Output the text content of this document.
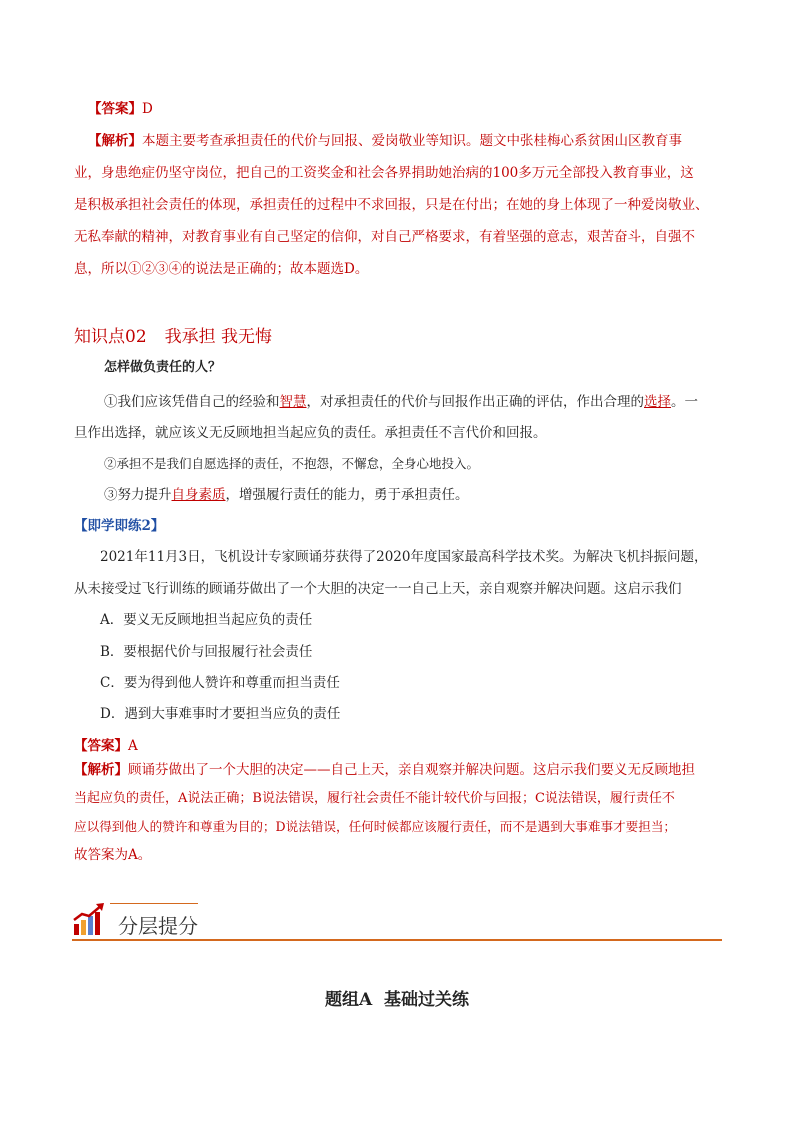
【答案】D
【解析】本题主要考查承担责任的代价与回报、爱岗敬业等知识。题文中张桂梅心系贫困山区教育事
业，身患绝症仍坚守岗位，把自己的工资奖金和社会各界捐助她治病的100多万元全部投入教育事业，这
是积极承担社会责任的体现，承担责任的过程中不求回报，只是在付出；在她的身上体现了一种爱岗敬业、
无私奉献的精神，对教育事业有自己坚定的信仰，对自己严格要求，有着坚强的意志，艰苦奋斗，自强不
息，所以①②③④的说法是正确的；故本题选D。
知识点02 我承担 我无悔
怎样做负责任的人？
①我们应该凭借自己的经验和智慧，对承担责任的代价与回报作出正确的评估，作出合理的选择。一
旦作出选择，就应该义无反顾地担当起应负的责任。承担责任不言代价和回报。
②承担不是我们自愿选择的责任，不抱怨，不懈怠，全身心地投入。
③努力提升自身素质，增强履行责任的能力，勇于承担责任。
【即学即练2】
2021年11月3日，飞机设计专家顾诵芬获得了2020年度国家最高科学技术奖。为解决飞机抖振问题，
从未接受过飞行训练的顾诵芬做出了一个大胆的决定一一自己上天，亲自观察并解决问题。这启示我们
A．要义无反顾地担当起应负的责任
B．要根据代价与回报履行社会责任
C．要为得到他人赞许和尊重而担当责任
D．遇到大事难事时才要担当应负的责任
【答案】A
【解析】顾诵芬做出了一个大胆的决定——自己上天，亲自观察并解决问题。这启示我们要义无反顾地担
当起应负的责任，A说法正确；B说法错误，履行社会责任不能计较代价与回报；C说法错误，履行责任不
应以得到他人的赞许和尊重为目的；D说法错误，任何时候都应该履行责任，而不是遇到大事难事才要担当；
故答案为A。
分层提分
题组A  基础过关练
